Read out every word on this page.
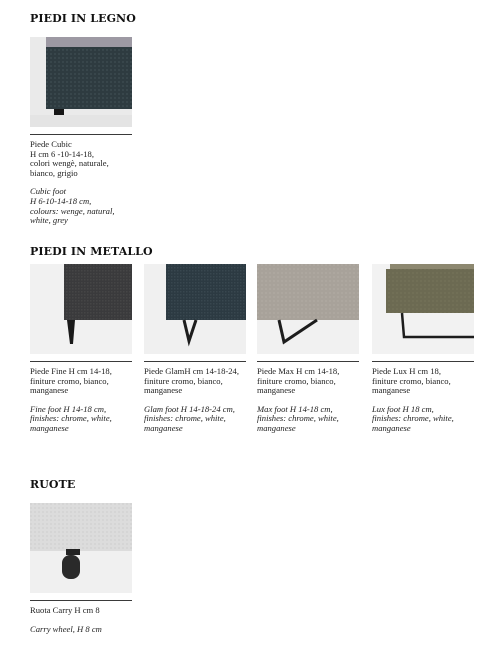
PIEDI IN LEGNO
Piede Cubic
H cm 6 -10-14-18,
colori wengè, naturale,
bianco, grigio
Cubic foot
H 6-10-14-18 cm,
colours: wenge, natural,
white, grey
PIEDI IN METALLO
Piede Fine H cm 14-18,
finiture cromo, bianco,
manganese
Fine foot H 14-18 cm,
finishes: chrome, white,
manganese
Piede GlamH cm 14-18-24,
finiture cromo, bianco,
manganese
Glam foot H 14-18-24 cm,
finishes: chrome, white,
manganese
Piede Max H cm 14-18,
finiture cromo, bianco,
manganese
Max foot H 14-18 cm,
finishes: chrome, white,
manganese
Piede Lux H cm 18,
finiture cromo, bianco,
manganese
Lux foot H 18 cm,
finishes: chrome, white,
manganese
RUOTE
Ruota Carry H cm 8
Carry wheel, H 8 cm
